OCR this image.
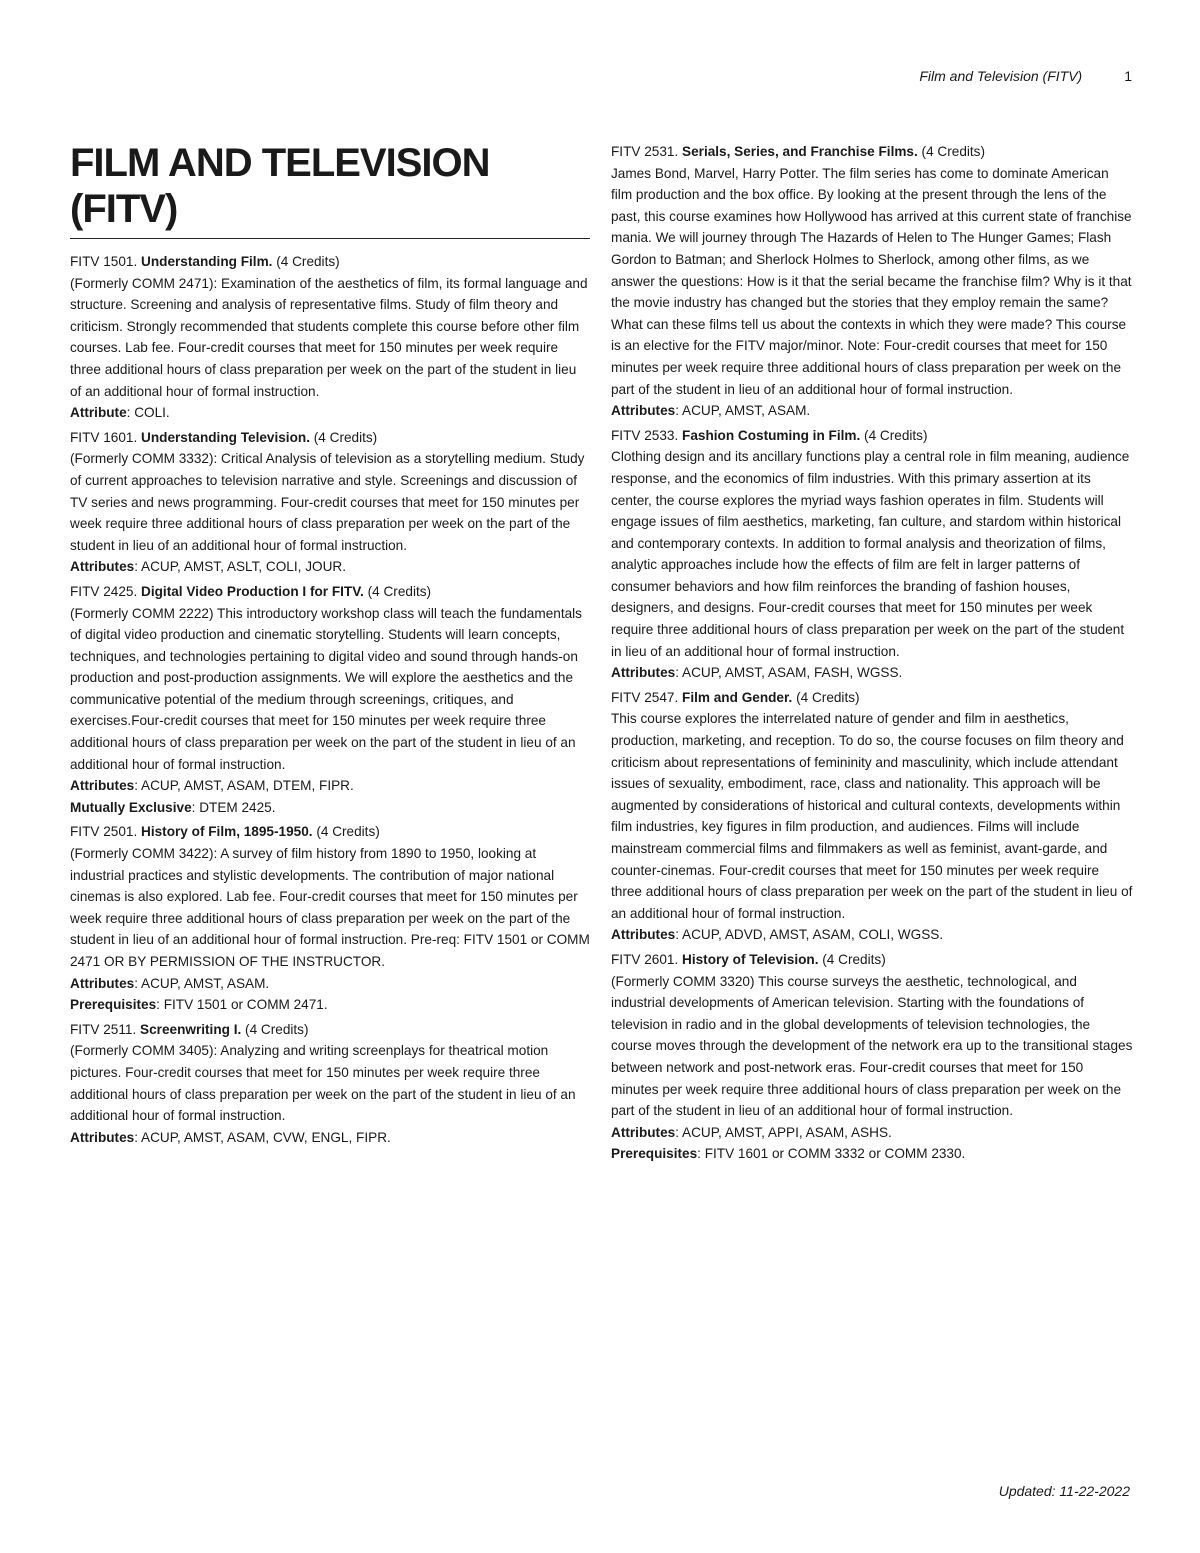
Film and Television (FITV)	1
FILM AND TELEVISION (FITV)
FITV 1501. Understanding Film. (4 Credits)
(Formerly COMM 2471): Examination of the aesthetics of film, its formal language and structure. Screening and analysis of representative films. Study of film theory and criticism. Strongly recommended that students complete this course before other film courses. Lab fee. Four-credit courses that meet for 150 minutes per week require three additional hours of class preparation per week on the part of the student in lieu of an additional hour of formal instruction.
Attribute: COLI.
FITV 1601. Understanding Television. (4 Credits)
(Formerly COMM 3332): Critical Analysis of television as a storytelling medium. Study of current approaches to television narrative and style. Screenings and discussion of TV series and news programming. Four-credit courses that meet for 150 minutes per week require three additional hours of class preparation per week on the part of the student in lieu of an additional hour of formal instruction.
Attributes: ACUP, AMST, ASLT, COLI, JOUR.
FITV 2425. Digital Video Production I for FITV. (4 Credits)
(Formerly COMM 2222) This introductory workshop class will teach the fundamentals of digital video production and cinematic storytelling. Students will learn concepts, techniques, and technologies pertaining to digital video and sound through hands-on production and post-production assignments. We will explore the aesthetics and the communicative potential of the medium through screenings, critiques, and exercises.Four-credit courses that meet for 150 minutes per week require three additional hours of class preparation per week on the part of the student in lieu of an additional hour of formal instruction.
Attributes: ACUP, AMST, ASAM, DTEM, FIPR.
Mutually Exclusive: DTEM 2425.
FITV 2501. History of Film, 1895-1950. (4 Credits)
(Formerly COMM 3422): A survey of film history from 1890 to 1950, looking at industrial practices and stylistic developments. The contribution of major national cinemas is also explored. Lab fee. Four-credit courses that meet for 150 minutes per week require three additional hours of class preparation per week on the part of the student in lieu of an additional hour of formal instruction. Pre-req: FITV 1501 or COMM 2471 OR BY PERMISSION OF THE INSTRUCTOR.
Attributes: ACUP, AMST, ASAM.
Prerequisites: FITV 1501 or COMM 2471.
FITV 2511. Screenwriting I. (4 Credits)
(Formerly COMM 3405): Analyzing and writing screenplays for theatrical motion pictures. Four-credit courses that meet for 150 minutes per week require three additional hours of class preparation per week on the part of the student in lieu of an additional hour of formal instruction.
Attributes: ACUP, AMST, ASAM, CVW, ENGL, FIPR.
FITV 2531. Serials, Series, and Franchise Films. (4 Credits)
James Bond, Marvel, Harry Potter. The film series has come to dominate American film production and the box office. By looking at the present through the lens of the past, this course examines how Hollywood has arrived at this current state of franchise mania. We will journey through The Hazards of Helen to The Hunger Games; Flash Gordon to Batman; and Sherlock Holmes to Sherlock, among other films, as we answer the questions: How is it that the serial became the franchise film? Why is it that the movie industry has changed but the stories that they employ remain the same? What can these films tell us about the contexts in which they were made? This course is an elective for the FITV major/minor. Note: Four-credit courses that meet for 150 minutes per week require three additional hours of class preparation per week on the part of the student in lieu of an additional hour of formal instruction.
Attributes: ACUP, AMST, ASAM.
FITV 2533. Fashion Costuming in Film. (4 Credits)
Clothing design and its ancillary functions play a central role in film meaning, audience response, and the economics of film industries. With this primary assertion at its center, the course explores the myriad ways fashion operates in film. Students will engage issues of film aesthetics, marketing, fan culture, and stardom within historical and contemporary contexts. In addition to formal analysis and theorization of films, analytic approaches include how the effects of film are felt in larger patterns of consumer behaviors and how film reinforces the branding of fashion houses, designers, and designs. Four-credit courses that meet for 150 minutes per week require three additional hours of class preparation per week on the part of the student in lieu of an additional hour of formal instruction.
Attributes: ACUP, AMST, ASAM, FASH, WGSS.
FITV 2547. Film and Gender. (4 Credits)
This course explores the interrelated nature of gender and film in aesthetics, production, marketing, and reception. To do so, the course focuses on film theory and criticism about representations of femininity and masculinity, which include attendant issues of sexuality, embodiment, race, class and nationality. This approach will be augmented by considerations of historical and cultural contexts, developments within film industries, key figures in film production, and audiences. Films will include mainstream commercial films and filmmakers as well as feminist, avant-garde, and counter-cinemas. Four-credit courses that meet for 150 minutes per week require three additional hours of class preparation per week on the part of the student in lieu of an additional hour of formal instruction.
Attributes: ACUP, ADVD, AMST, ASAM, COLI, WGSS.
FITV 2601. History of Television. (4 Credits)
(Formerly COMM 3320) This course surveys the aesthetic, technological, and industrial developments of American television. Starting with the foundations of television in radio and in the global developments of television technologies, the course moves through the development of the network era up to the transitional stages between network and post-network eras. Four-credit courses that meet for 150 minutes per week require three additional hours of class preparation per week on the part of the student in lieu of an additional hour of formal instruction.
Attributes: ACUP, AMST, APPI, ASAM, ASHS.
Prerequisites: FITV 1601 or COMM 3332 or COMM 2330.
Updated: 11-22-2022
